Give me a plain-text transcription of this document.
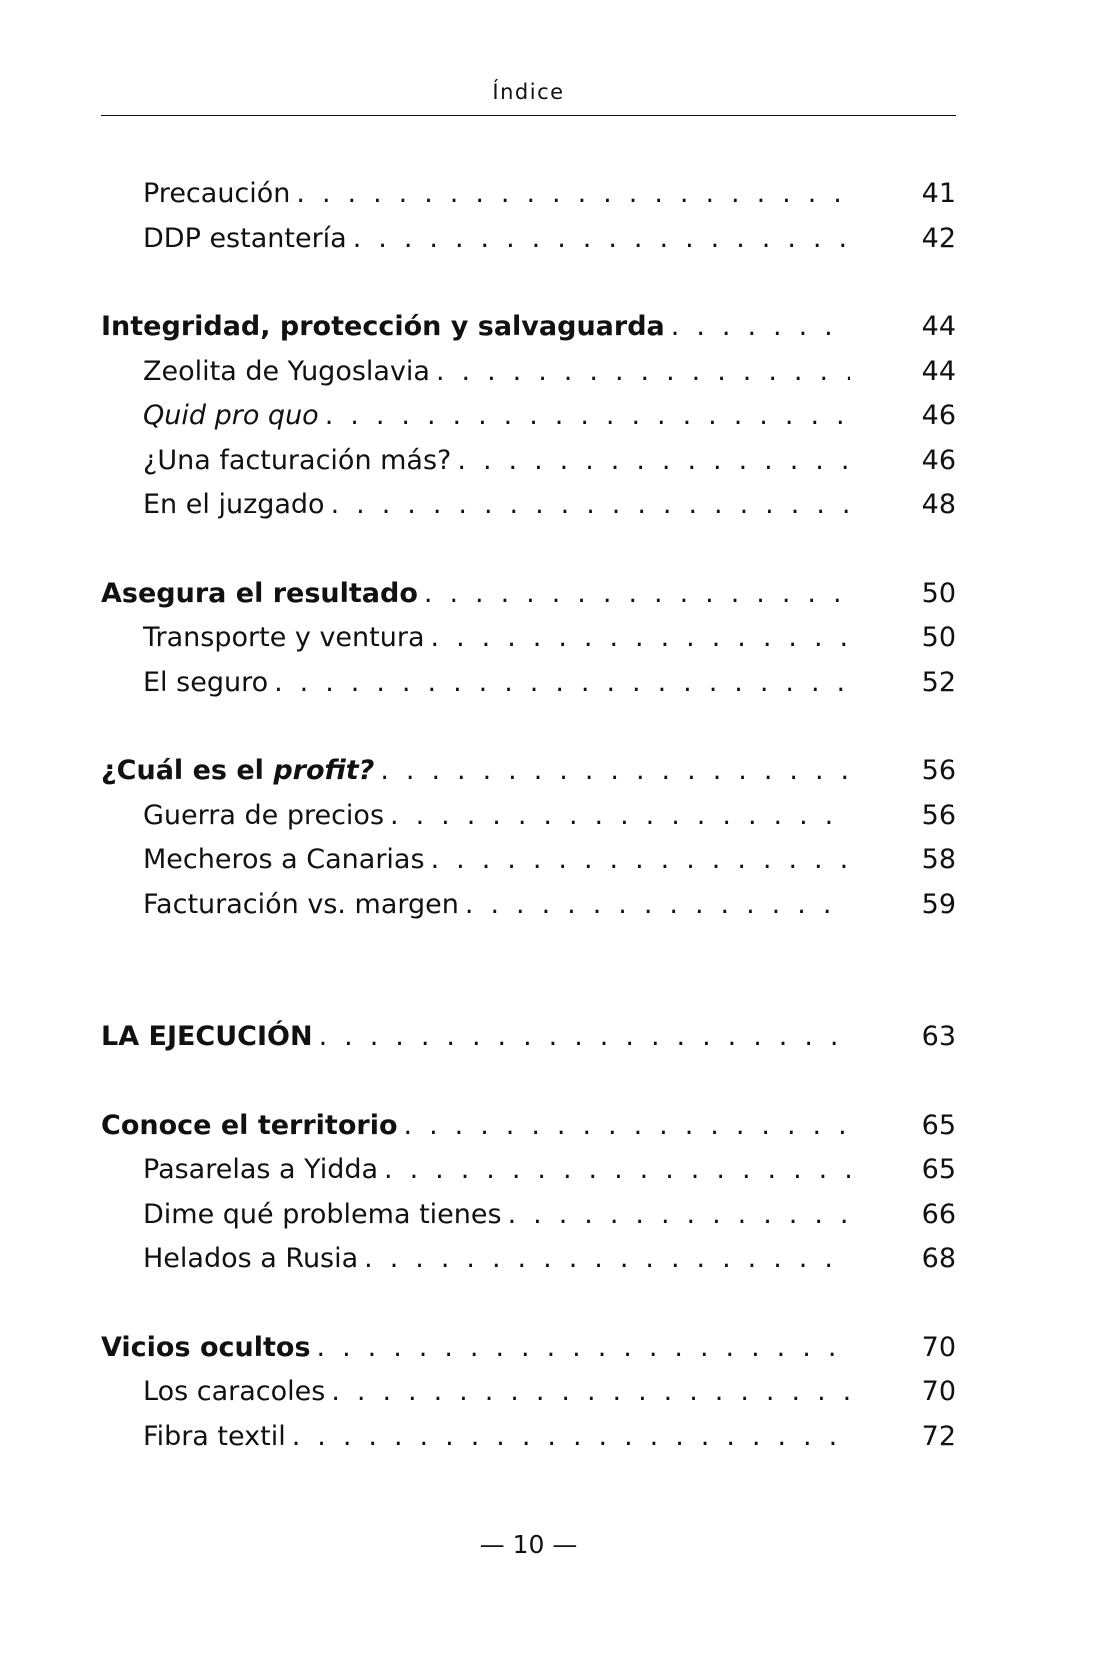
Índice
Precaución . . .	41
DDP estantería . . .	42
Integridad, protección y salvaguarda . . .	44
Zeolita de Yugoslavia . . .	44
Quid pro quo . . .	46
¿Una facturación más? . . .	46
En el juzgado . . .	48
Asegura el resultado . . .	50
Transporte y ventura . . .	50
El seguro . . .	52
¿Cuál es el profit? . . .	56
Guerra de precios . . .	56
Mecheros a Canarias . . .	58
Facturación vs. margen . . .	59
LA EJECUCIÓN . . .	63
Conoce el territorio . . .	65
Pasarelas a Yidda . . .	65
Dime qué problema tienes . . .	66
Helados a Rusia . . .	68
Vicios ocultos . . .	70
Los caracoles . . .	70
Fibra textil . . .	72
— 10 —
